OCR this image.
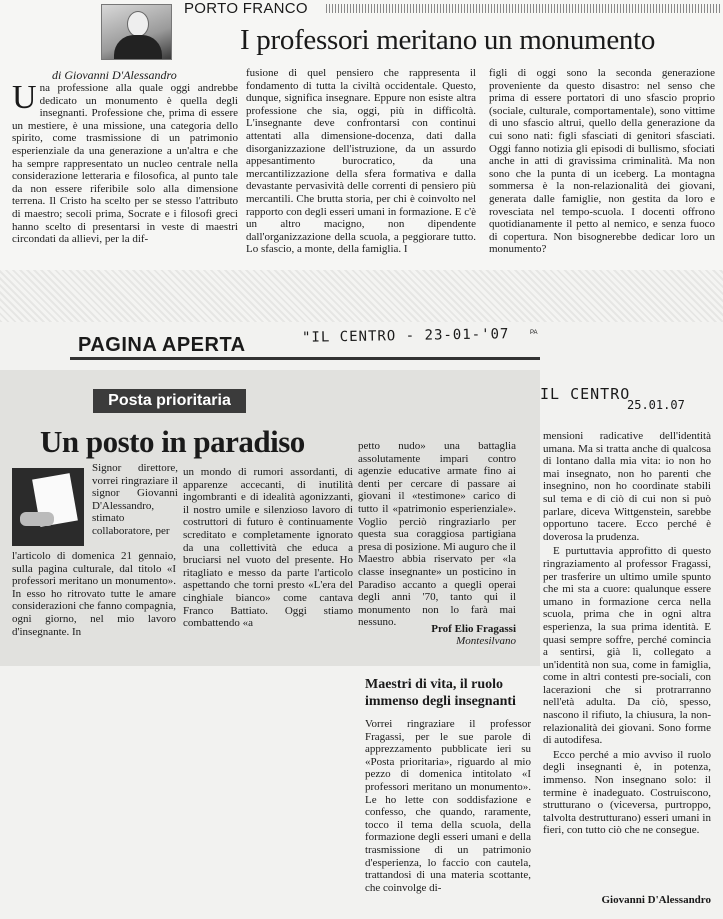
PORTO FRANCO
I professori meritano un monumento
di Giovanni D'Alessandro
Una professione alla quale oggi andrebbe dedicato un monumento è quella degli insegnanti. Professione che, prima di essere un mestiere, è una missione, una categoria dello spirito, come trasmissione di un patrimonio esperienziale da una generazione a un'altra e che ha sempre rappresentato un nucleo centrale nella considerazione letteraria e filosofica, al punto tale da non essere riferibile solo alla dimensione terrena. Il Cristo ha scelto per se stesso l'attributo di maestro; secoli prima, Socrate e i filosofi greci hanno scelto di presentarsi in veste di maestri circondati da allievi, per la dif-
fusione di quel pensiero che rappresenta il fondamento di tutta la civiltà occidentale. Questo, dunque, significa insegnare. Eppure non esiste altra professione che sia, oggi, più in difficoltà. L'insegnante deve confrontarsi con continui attentati alla dimensione-docenza, dati dalla disorganizzazione dell'istruzione, da un assurdo appesantimento burocratico, da una mercantilizzazione della sfera formativa e dalla devastante pervasività delle correnti di pensiero più mercantili. Che brutta storia, per chi è coinvolto nel rapporto con degli esseri umani in formazione. E c'è un altro macigno, non dipendente dall'organizzazione della scuola, a peggiorare tutto. Lo sfascio, a monte, della famiglia. I
figli di oggi sono la seconda generazione proveniente da questo disastro: nel senso che prima di essere portatori di uno sfascio proprio (sociale, culturale, comportamentale), sono vittime di uno sfascio altrui, quello della generazione da cui sono nati: figli sfasciati di genitori sfasciati. Oggi fanno notizia gli episodi di bullismo, sfociati anche in atti di gravissima criminalità. Ma non sono che la punta di un iceberg. La montagna sommersa è la non-relazionalità dei giovani, generata dalle famiglie, non gestita da loro e rovesciata nel tempo-scuola. I docenti offrono quotidianamente il petto al nemico, e senza fuoco di copertura. Non bisognerebbe dedicar loro un monumento?
PAGINA APERTA	"IL CENTRO - 23-01-'07	PA
Posta prioritaria
Un posto in paradiso
Signor direttore, vorrei ringraziare il signor Giovanni D'Alessandro, stimato collaboratore, per
l'articolo di domenica 21 gennaio, sulla pagina culturale, dal titolo «I professori meritano un monumento». In esso ho ritrovato tutte le amare considerazioni che fanno compagnia, ogni giorno, nel mio lavoro d'insegnante. In
un mondo di rumori assordanti, di apparenze accecanti, di inutilità ingombranti e di idealità agonizzanti, il nostro umile e silenzioso lavoro di costruttori di futuro è continuamente screditato e completamente ignorato da una collettività che educa a bruciarsi nel vuoto del presente. Ho ritagliato e messo da parte l'articolo aspettando che torni presto «L'era del cinghiale bianco» come cantava Franco Battiato. Oggi stiamo combattendo «a
petto nudo» una battaglia assolutamente impari contro agenzie educative armate fino ai denti per cercare di passare ai giovani il «testimone» carico di tutto il «patrimonio esperienziale». Voglio perciò ringraziarlo per questa sua coraggiosa partigiana presa di posizione. Mi auguro che il Maestro abbia riservato per «la classe insegnante» un posticino in Paradiso accanto a quegli operai degli anni '70, tanto qui il monumento non lo farà mai nessuno.
Prof Elio Fragassi
Montesilvano
IL CENTRO
25.01.07

mensioni radicative dell'identità umana. Ma si tratta anche di qualcosa di lontano dalla mia vita: io non ho mai insegnato, non ho parenti che insegnino, non ho coordinate stabili sul tema e di ciò di cui non si può parlare, diceva Wittgenstein, sarebbe opportuno tacere. Ecco perché è doverosa la prudenza.

E purtuttavia approfitto di questo ringraziamento al professor Fragassi, per trasferire un ultimo umile spunto che mi sta a cuore: qualunque essere umano in formazione cerca nella scuola, prima che in ogni altra esperienza, la sua prima identità. E quasi sempre soffre, perché comincia a sentirsi, già lì, collegato a un'identità non sua, come in famiglia, come in altri contesti pre-sociali, con lacerazioni che si protrarranno nell'età adulta. Da ciò, spesso, nascono il rifiuto, la chiusura, la non-relazionalità dei giovani. Sono forme di autodifesa.

Ecco perché a mio avviso il ruolo degli insegnanti è, in potenza, immenso. Non insegnano solo: il termine è inadeguato. Costruiscono, strutturano o (viceversa, purtroppo, talvolta destrutturano) esseri umani in fieri, con tutto ciò che ne consegue.

Giovanni D'Alessandro
Maestri di vita, il ruolo immenso degli insegnanti
Vorrei ringraziare il professor Fragassi, per le sue parole di apprezzamento pubblicate ieri su «Posta prioritaria», riguardo al mio pezzo di domenica intitolato «I professori meritano un monumento». Le ho lette con soddisfazione e confesso, che quando, raramente, tocco il tema della scuola, della formazione degli esseri umani e della trasmissione di un patrimonio d'esperienza, lo faccio con cautela, trattandosi di una materia scottante, che coinvolge di-
